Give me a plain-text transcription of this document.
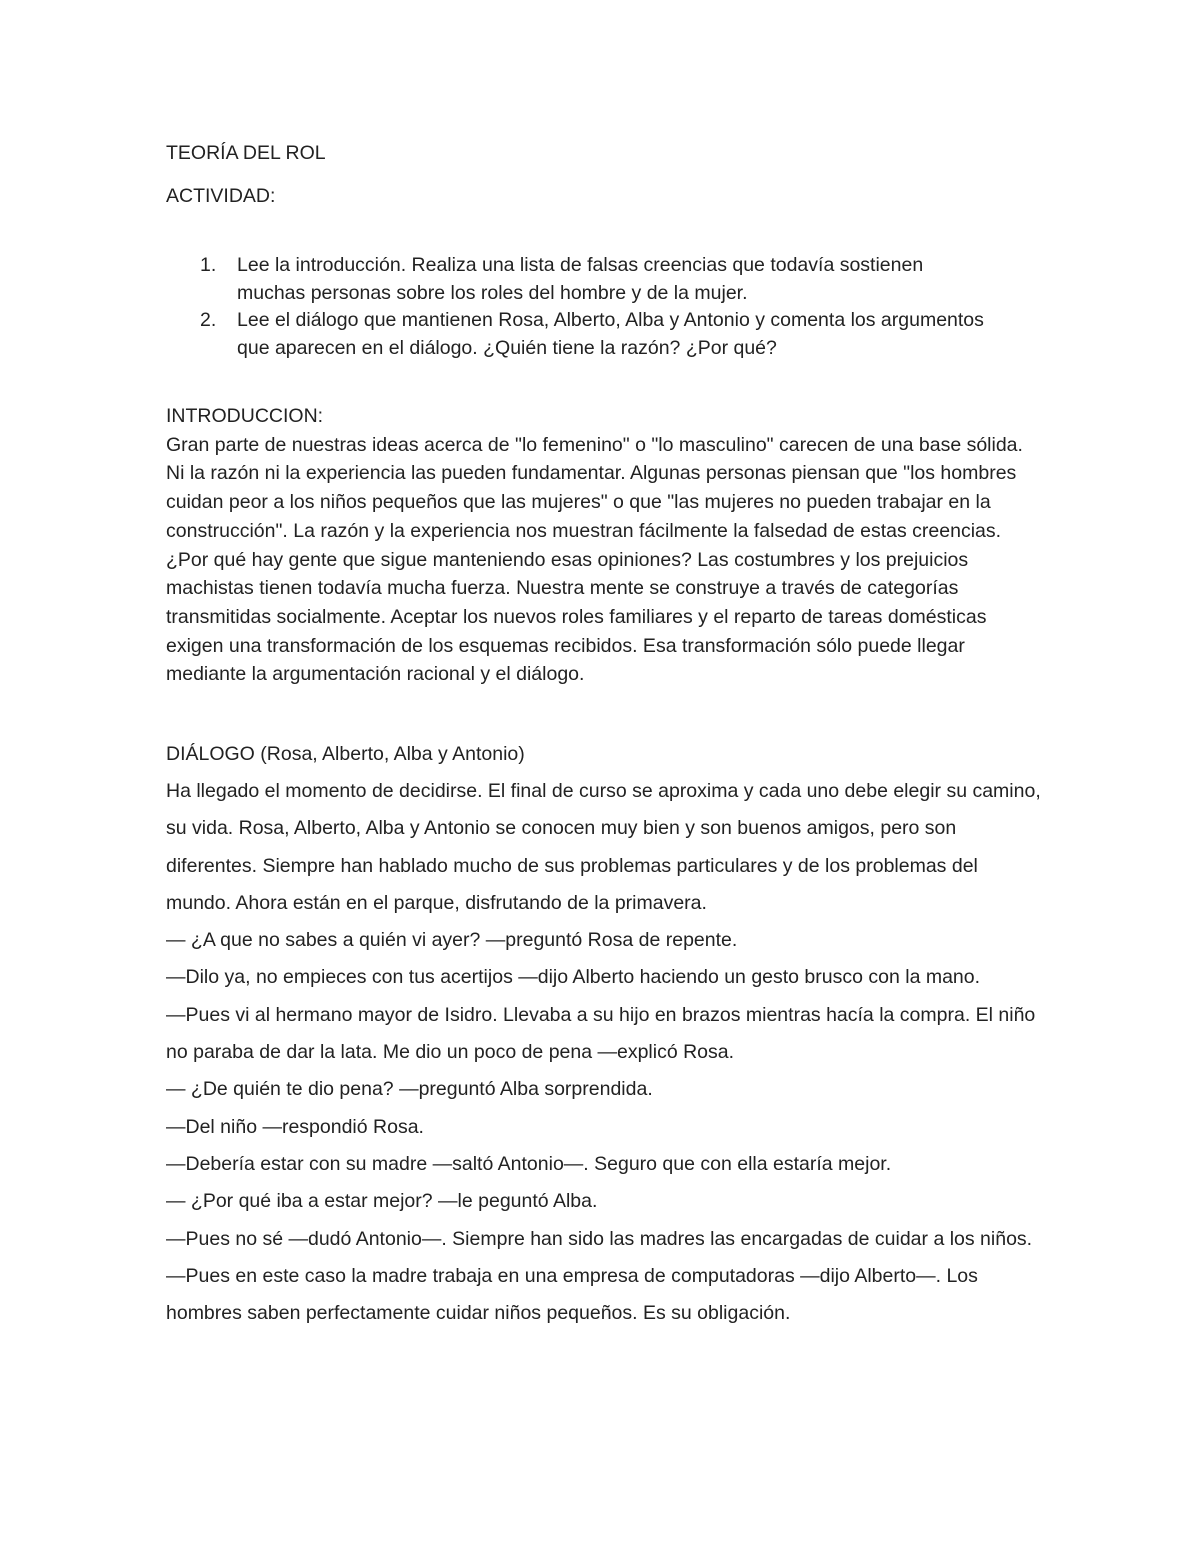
TEORÍA DEL ROL
ACTIVIDAD:
1. Lee la introducción. Realiza una lista de falsas creencias que todavía sostienen muchas personas sobre los roles del hombre y de la mujer.
2. Lee el diálogo que mantienen Rosa, Alberto, Alba y Antonio y comenta los argumentos que aparecen en el diálogo. ¿Quién tiene la razón? ¿Por qué?

INTRODUCCION:

Gran parte de nuestras ideas acerca de "lo femenino" o "lo masculino" carecen de una base sólida. Ni la razón ni la experiencia las pueden fundamentar. Algunas personas piensan que "los hombres cuidan peor a los niños pequeños que las mujeres" o que "las mujeres no pueden trabajar en la construcción". La razón y la experiencia nos muestran fácilmente la falsedad de estas creencias.

¿Por qué hay gente que sigue manteniendo esas opiniones? Las costumbres y los prejuicios machistas tienen todavía mucha fuerza. Nuestra mente se construye a través de categorías transmitidas socialmente. Aceptar los nuevos roles familiares y el reparto de tareas domésticas exigen una transformación de los esquemas recibidos. Esa transformación sólo puede llegar mediante la argumentación racional y el diálogo.

DIÁLOGO (Rosa, Alberto, Alba y Antonio)

Ha llegado el momento de decidirse. El final de curso se aproxima y cada uno debe elegir su camino, su vida. Rosa, Alberto, Alba y Antonio se conocen muy bien y son buenos amigos, pero son diferentes. Siempre han hablado mucho de sus problemas particulares y de los problemas del mundo. Ahora están en el parque, disfrutando de la primavera.

— ¿A que no sabes a quién vi ayer? —preguntó Rosa de repente.

—Dilo ya, no empieces con tus acertijos —dijo Alberto haciendo un gesto brusco con la mano.

—Pues vi al hermano mayor de Isidro. Llevaba a su hijo en brazos mientras hacía la compra. El niño no paraba de dar la lata. Me dio un poco de pena —explicó Rosa.

— ¿De quién te dio pena? —preguntó Alba sorprendida.

—Del niño —respondió Rosa.

—Debería estar con su madre —saltó Antonio—. Seguro que con ella estaría mejor.

— ¿Por qué iba a estar mejor? —le peguntó Alba.

—Pues no sé —dudó Antonio—. Siempre han sido las madres las encargadas de cuidar a los niños.

—Pues en este caso la madre trabaja en una empresa de computadoras —dijo Alberto—. Los hombres saben perfectamente cuidar niños pequeños. Es su obligación.
